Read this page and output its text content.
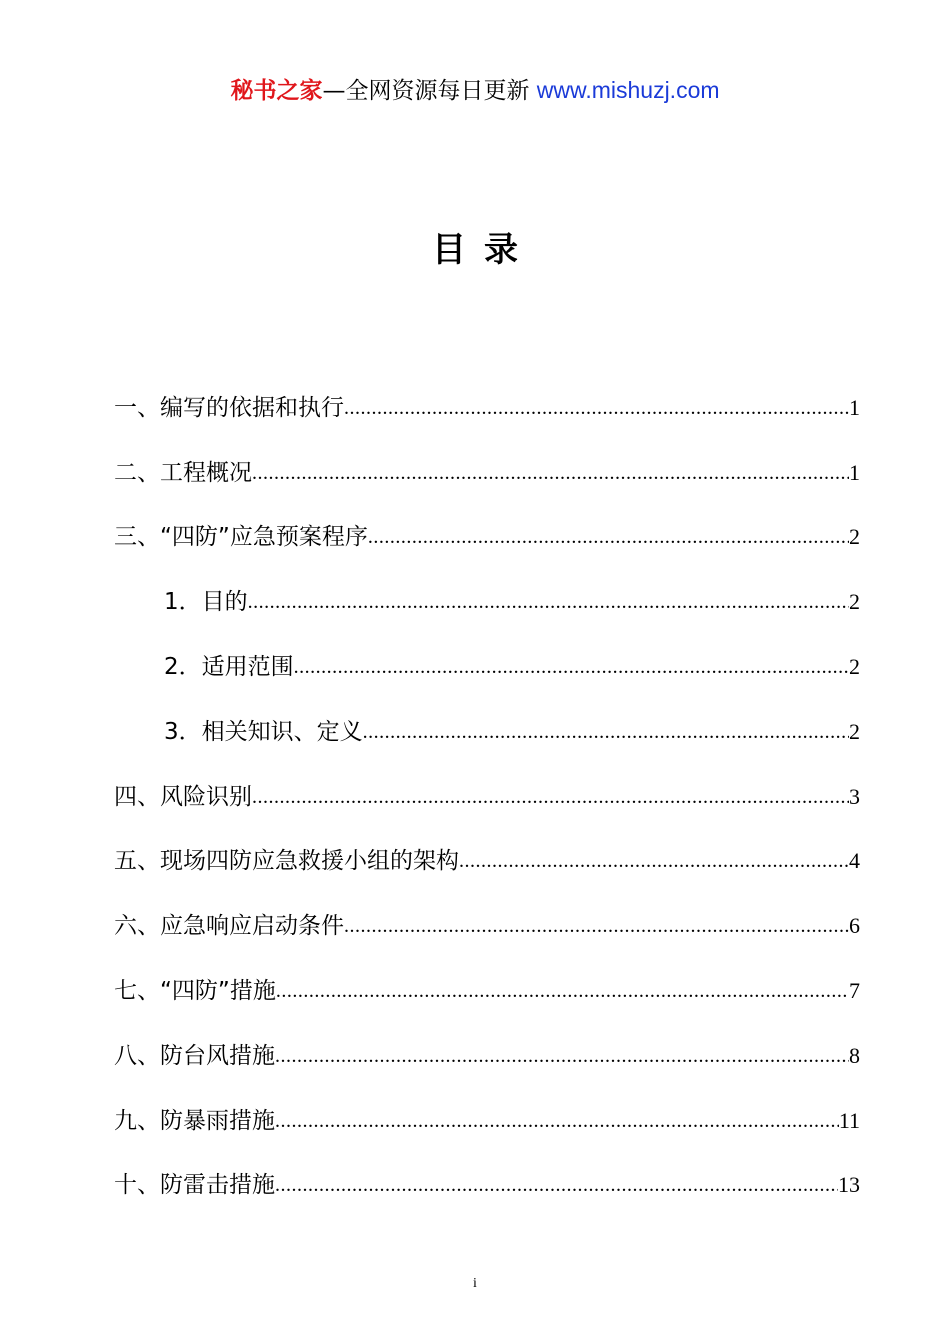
秘书之家—全网资源每日更新 www.mishuzj.com
目录
一、编写的依据和执行 .....	1
二、工程概况 .....	1
三、“四防”应急预案程序 .....	2
1．目的 .....	2
2．适用范围 .....	2
3．相关知识、定义 .....	2
四、风险识别 .....	3
五、现场四防应急救援小组的架构 .....	4
六、应急响应启动条件 .....	6
七、“四防”措施 .....	7
八、防台风措施 .....	8
九、防暴雨措施 .....	11
十、防雷击措施 .....	13
i
